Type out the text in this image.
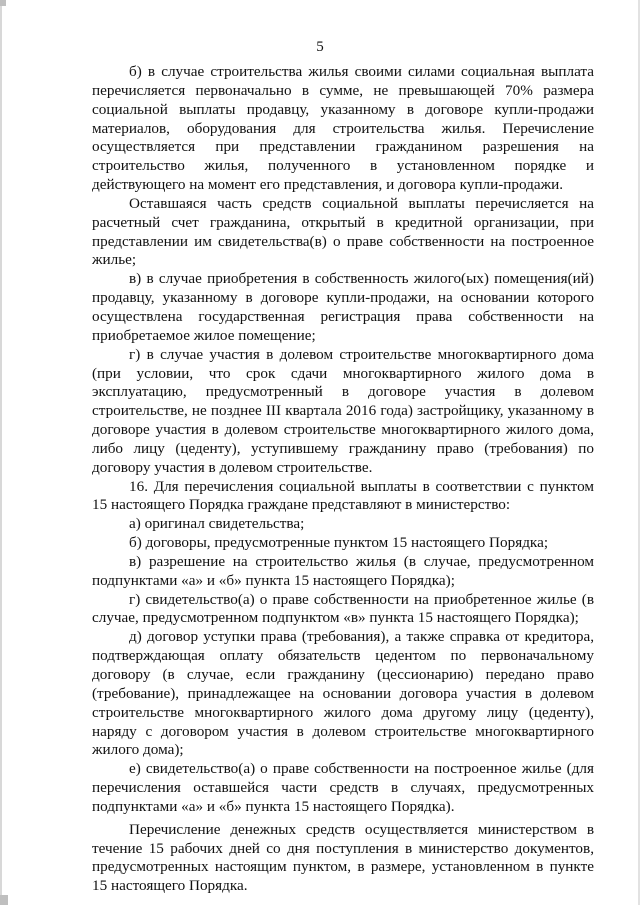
5

б) в случае строительства жилья своими силами социальная выплата перечисляется первоначально в сумме, не превышающей 70% размера социальной выплаты продавцу, указанному в договоре купли-продажи материалов, оборудования для строительства жилья. Перечисление осуществляется при представлении гражданином разрешения на строительство жилья, полученного в установленном порядке и действующего на момент его представления, и договора купли-продажи.

Оставшаяся часть средств социальной выплаты перечисляется на расчетный счет гражданина, открытый в кредитной организации, при представлении им свидетельства(в) о праве собственности на построенное жилье;

в) в случае приобретения в собственность жилого(ых) помещения(ий) продавцу, указанному в договоре купли-продажи, на основании которого осуществлена государственная регистрация права собственности на приобретаемое жилое помещение;

г) в случае участия в долевом строительстве многоквартирного дома (при условии, что срок сдачи многоквартирного жилого дома в эксплуатацию, предусмотренный в договоре участия в долевом строительстве, не позднее III квартала 2016 года) застройщику, указанному в договоре участия в долевом строительстве многоквартирного жилого дома, либо лицу (цеденту), уступившему гражданину право (требования) по договору участия в долевом строительстве.

16. Для перечисления социальной выплаты в соответствии с пунктом 15 настоящего Порядка граждане представляют в министерство:

а) оригинал свидетельства;

б) договоры, предусмотренные пунктом 15 настоящего Порядка;

в) разрешение на строительство жилья (в случае, предусмотренном подпунктами «а» и «б» пункта 15 настоящего Порядка);

г) свидетельство(а) о праве собственности на приобретенное жилье (в случае, предусмотренном подпунктом «в» пункта 15 настоящего Порядка);

д) договор уступки права (требования), а также справка от кредитора, подтверждающая оплату обязательств цедентом по первоначальному договору (в случае, если гражданину (цессионарию) передано право (требование), принадлежащее на основании договора участия в долевом строительстве многоквартирного жилого дома другому лицу (цеденту), наряду с договором участия в долевом строительстве многоквартирного жилого дома);

е) свидетельство(а) о праве собственности на построенное жилье (для перечисления оставшейся части средств в случаях, предусмотренных подпунктами «а» и «б» пункта 15 настоящего Порядка).

Перечисление денежных средств осуществляется министерством в течение 15 рабочих дней со дня поступления в министерство документов, предусмотренных настоящим пунктом, в размере, установленном в пункте 15 настоящего Порядка.
